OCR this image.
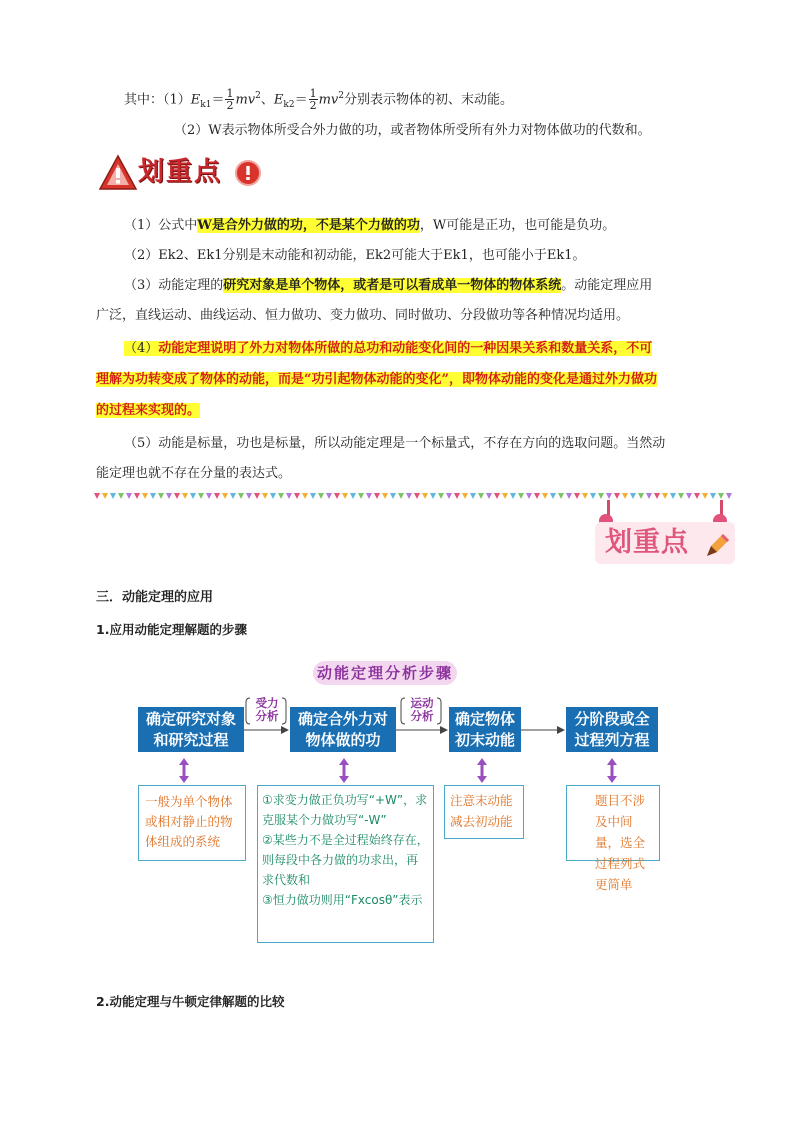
其中：$(1)E_{k1}= \frac{1}{2} mv^2$、$E_{k2}= \frac{1}{2} mv^2$分别表示物体的初、末动能。
（2）W表示物体所受合外力做的功，或者物体所受所有外力对物体做功的代数和。
划重点
（1）公式中W是合外力做的功，不是某个力做的功，W可能是正功，也可能是负功。
（2）Ek2、Ek1分别是末动能和初动能，Ek2可能大于Ek1，也可能小于Ek1。
（3）动能定理的研究对象是单个物体，或者是可以看成单一物体的物体系统。动能定理应用
广泛，直线运动、曲线运动、恒力做功、变力做功、同时做功、分段做功等各种情况均适用。
（4）动能定理说明了外力对物体所做的总功和动能变化间的一种因果关系和数量关系，不可
理解为功转变成了物体的动能，而是“功引起物体动能的变化”，即物体动能的变化是通过外力做功
的过程来实现的。
（5）动能是标量，功也是标量，所以动能定理是一个标量式，不存在方向的选取问题。当然动
能定理也就不存在分量的表达式。
划重点
三．动能定理的应用
1.应用动能定理解题的步骤
动能定理分析步骤
确定研究对象和研究过程
确定合外力对物体做的功
确定物体初末动能
分阶段或全过程列方程
受力分析
运动分析
一般为单个物体或相对静止的物体组成的系统
①求变力做正负功写“+W”，求克服某个力做功写“-W”
②某些力不是全过程始终存在，则每段中各力做的功求出，再求代数和
③恒力做功则用“Fxcosθ”表示
注意末动能减去初动能
题目不涉及中间量，选全过程列式更简单
2.动能定理与牛顿定律解题的比较
